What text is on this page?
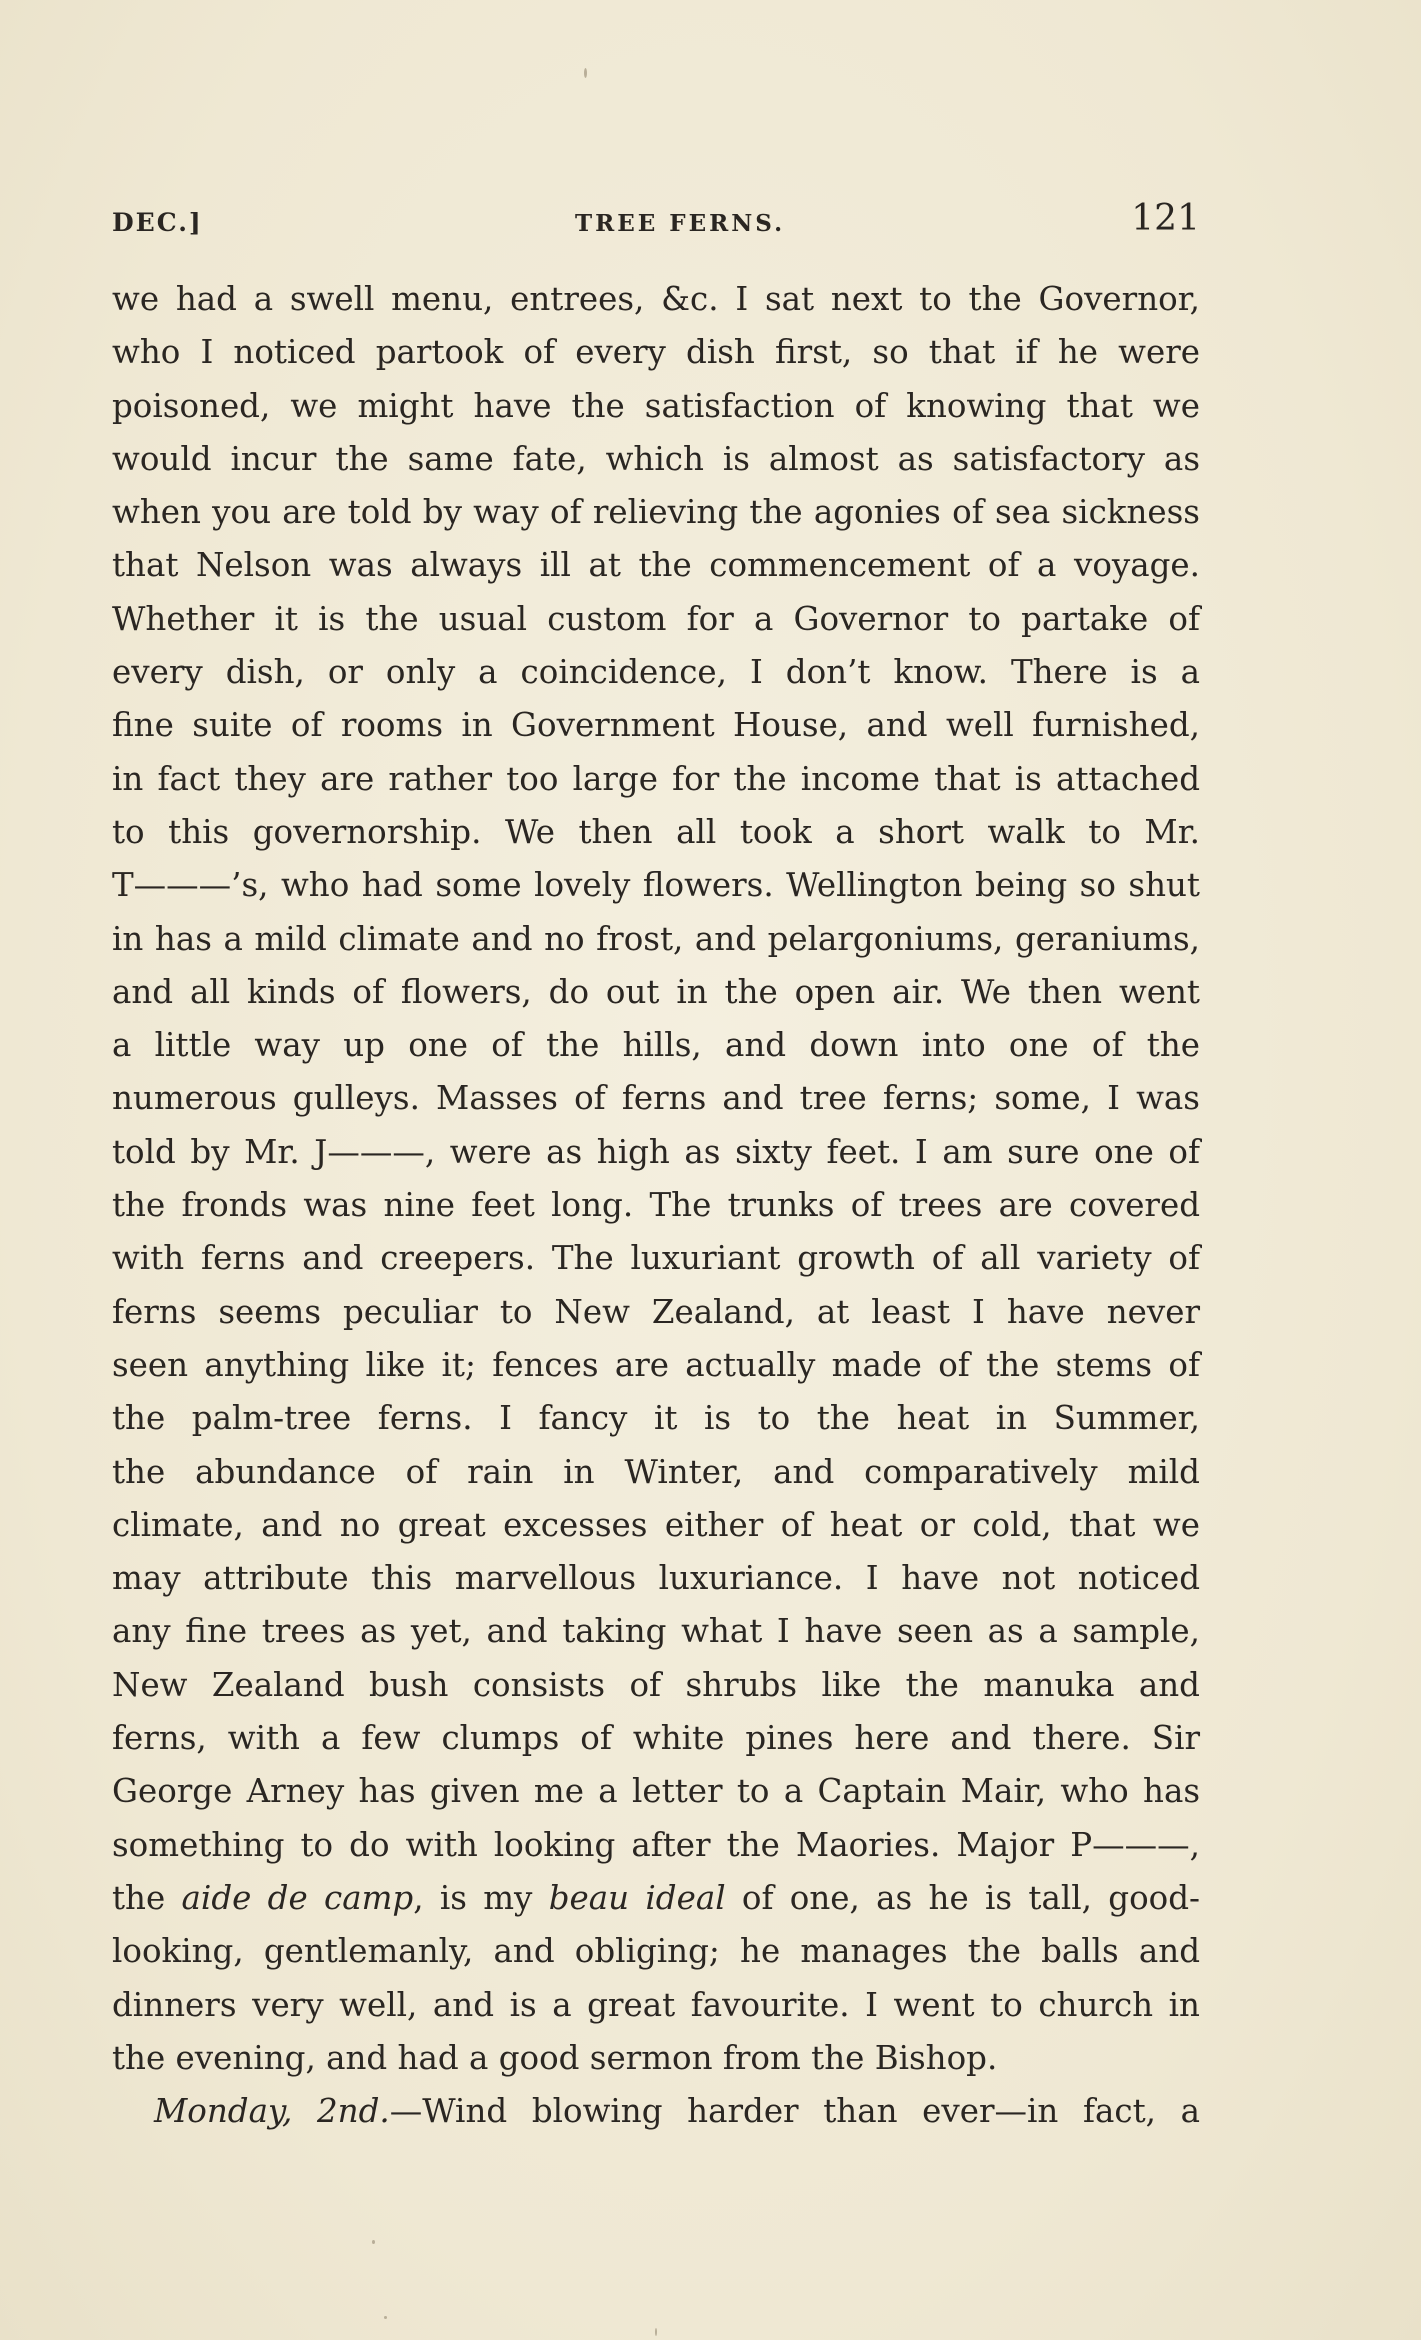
DEC.]	TREE FERNS.	121
we had a swell menu, entrees, &c. I sat next to the Governor,
who I noticed partook of every dish first, so that if he were
poisoned, we might have the satisfaction of knowing that we
would incur the same fate, which is almost as satisfactory as
when you are told by way of relieving the agonies of sea sickness
that Nelson was always ill at the commencement of a voyage.
Whether it is the usual custom for a Governor to partake of
every dish, or only a coincidence, I don’t know. There is a
fine suite of rooms in Government House, and well furnished,
in fact they are rather too large for the income that is attached
to this governorship. We then all took a short walk to Mr.
T———’s, who had some lovely flowers. Wellington being so shut
in has a mild climate and no frost, and pelargoniums, geraniums,
and all kinds of flowers, do out in the open air. We then went
a little way up one of the hills, and down into one of the
numerous gulleys. Masses of ferns and tree ferns; some, I was
told by Mr. J———, were as high as sixty feet. I am sure one of
the fronds was nine feet long. The trunks of trees are covered
with ferns and creepers. The luxuriant growth of all variety of
ferns seems peculiar to New Zealand, at least I have never
seen anything like it; fences are actually made of the stems of
the palm-tree ferns. I fancy it is to the heat in Summer,
the abundance of rain in Winter, and comparatively mild
climate, and no great excesses either of heat or cold, that we
may attribute this marvellous luxuriance. I have not noticed
any fine trees as yet, and taking what I have seen as a sample,
New Zealand bush consists of shrubs like the manuka and
ferns, with a few clumps of white pines here and there. Sir
George Arney has given me a letter to a Captain Mair, who has
something to do with looking after the Maories. Major P———,
the aide de camp, is my beau ideal of one, as he is tall, good-
looking, gentlemanly, and obliging; he manages the balls and
dinners very well, and is a great favourite. I went to church in
the evening, and had a good sermon from the Bishop.
Monday, 2nd.—Wind blowing harder than ever—in fact, a
